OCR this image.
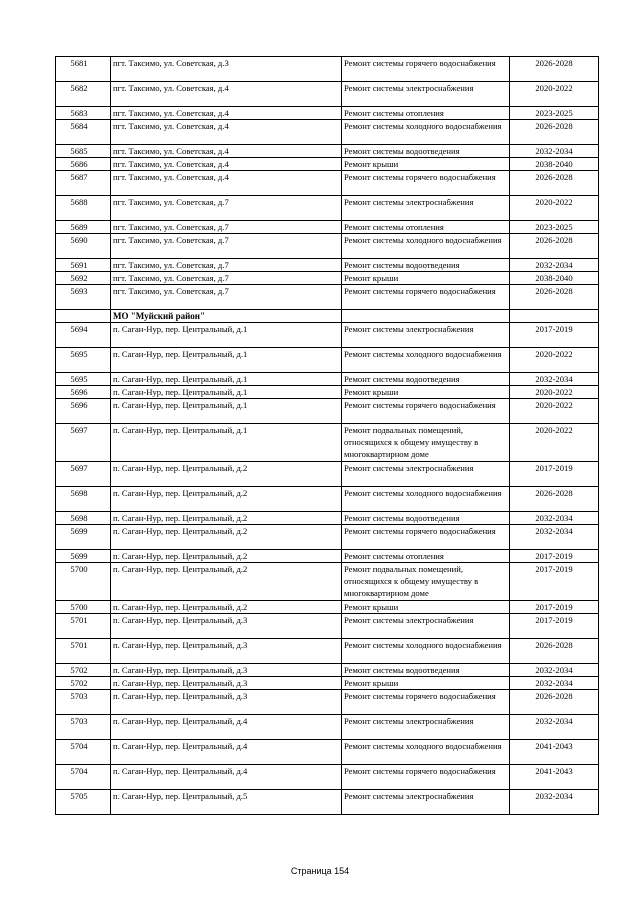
5681	пгт. Таксимо, ул. Советская, д.3	Ремонт системы горячего водоснабжения	2026-2028
5682	пгт. Таксимо, ул. Советская, д.4	Ремонт системы электроснабжения	2020-2022
5683	пгт. Таксимо, ул. Советская, д.4	Ремонт системы отопления	2023-2025
5684	пгт. Таксимо, ул. Советская, д.4	Ремонт системы холодного водоснабжения	2026-2028
5685	пгт. Таксимо, ул. Советская, д.4	Ремонт системы водоотведения	2032-2034
5686	пгт. Таксимо, ул. Советская, д.4	Ремонт крыши	2038-2040
5687	пгт. Таксимо, ул. Советская, д.4	Ремонт системы горячего водоснабжения	2026-2028
5688	пгт. Таксимо, ул. Советская, д.7	Ремонт системы электроснабжения	2020-2022
5689	пгт. Таксимо, ул. Советская, д.7	Ремонт системы отопления	2023-2025
5690	пгт. Таксимо, ул. Советская, д.7	Ремонт системы холодного водоснабжения	2026-2028
5691	пгт. Таксимо, ул. Советская, д.7	Ремонт системы водоотведения	2032-2034
5692	пгт. Таксимо, ул. Советская, д.7	Ремонт крыши	2038-2040
5693	пгт. Таксимо, ул. Советская, д.7	Ремонт системы горячего водоснабжения	2026-2028
	МО "Муйский район"		
5694	п. Саган-Нур, пер. Центральный, д.1	Ремонт системы электроснабжения	2017-2019
5695	п. Саган-Нур, пер. Центральный, д.1	Ремонт системы холодного водоснабжения	2020-2022
5695	п. Саган-Нур, пер. Центральный, д.1	Ремонт системы водоотведения	2032-2034
5696	п. Саган-Нур, пер. Центральный, д.1	Ремонт крыши	2020-2022
5696	п. Саган-Нур, пер. Центральный, д.1	Ремонт системы горячего водоснабжения	2020-2022
5697	п. Саган-Нур, пер. Центральный, д.1	Ремонт подвальных помещений, относящихся к общему имуществу в многоквартирном доме	2020-2022
5697	п. Саган-Нур, пер. Центральный, д.2	Ремонт системы электроснабжения	2017-2019
5698	п. Саган-Нур, пер. Центральный, д.2	Ремонт системы холодного водоснабжения	2026-2028
5698	п. Саган-Нур, пер. Центральный, д.2	Ремонт системы водоотведения	2032-2034
5699	п. Саган-Нур, пер. Центральный, д.2	Ремонт системы горячего водоснабжения	2032-2034
5699	п. Саган-Нур, пер. Центральный, д.2	Ремонт системы отопления	2017-2019
5700	п. Саган-Нур, пер. Центральный, д.2	Ремонт подвальных помещений, относящихся к общему имуществу в многоквартирном доме	2017-2019
5700	п. Саган-Нур, пер. Центральный, д.2	Ремонт крыши	2017-2019
5701	п. Саган-Нур, пер. Центральный, д.3	Ремонт системы электроснабжения	2017-2019
5701	п. Саган-Нур, пер. Центральный, д.3	Ремонт системы холодного водоснабжения	2026-2028
5702	п. Саган-Нур, пер. Центральный, д.3	Ремонт системы водоотведения	2032-2034
5702	п. Саган-Нур, пер. Центральный, д.3	Ремонт крыши	2032-2034
5703	п. Саган-Нур, пер. Центральный, д.3	Ремонт системы горячего водоснабжения	2026-2028
5703	п. Саган-Нур, пер. Центральный, д.4	Ремонт системы электроснабжения	2032-2034
5704	п. Саган-Нур, пер. Центральный, д.4	Ремонт системы холодного водоснабжения	2041-2043
5704	п. Саган-Нур, пер. Центральный, д.4	Ремонт системы горячего водоснабжения	2041-2043
5705	п. Саган-Нур, пер. Центральный, д.5	Ремонт системы электроснабжения	2032-2034
Страница 154
